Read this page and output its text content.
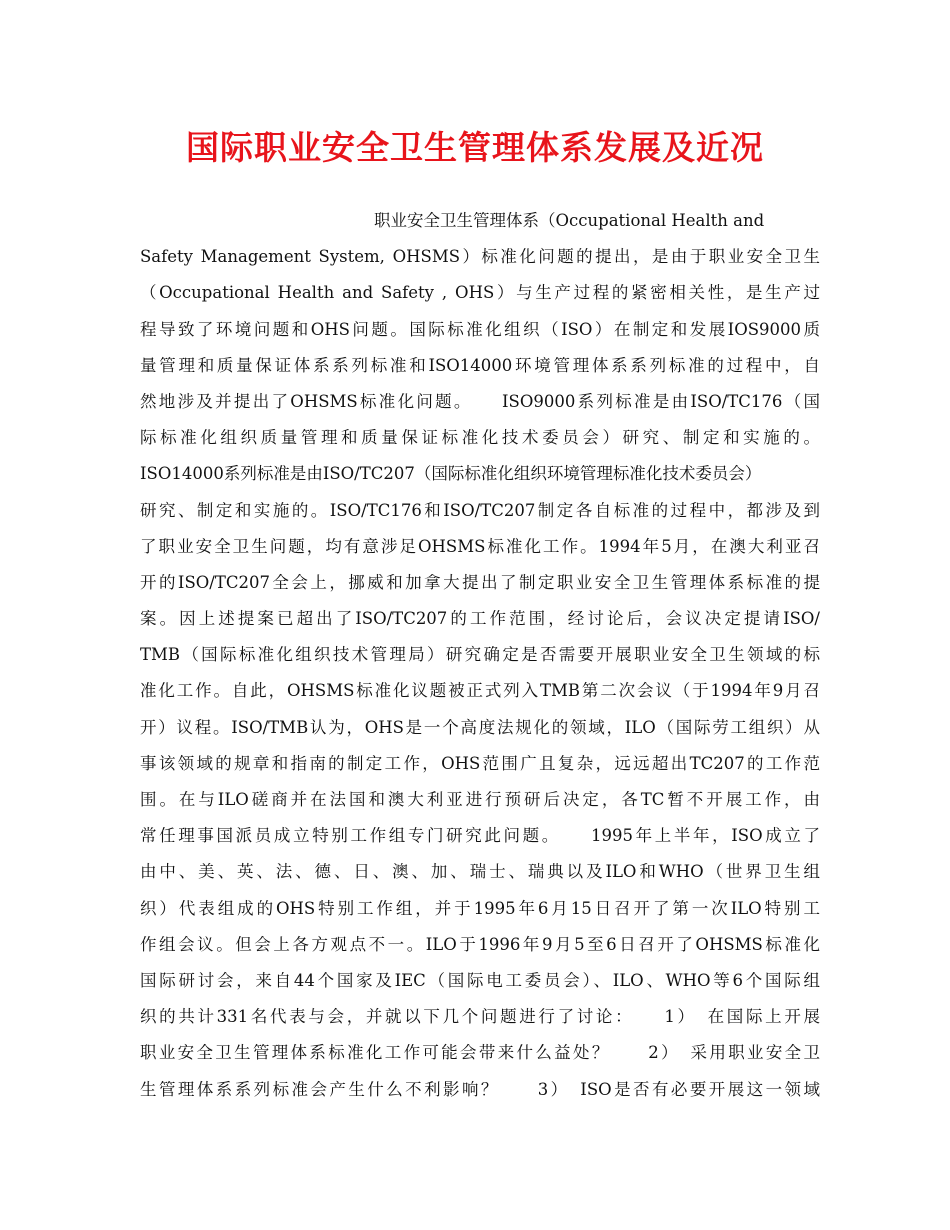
国际职业安全卫生管理体系发展及近况
职业安全卫生管理体系（Occupational Health and
Safety Management System, OHSMS）标准化问题的提出，是由于职业安全卫生
（Occupational Health and Safety , OHS）与生产过程的紧密相关性，是生产过
程导致了环境问题和OHS问题。国际标准化组织（ISO）在制定和发展IOS9000质
量管理和质量保证体系系列标准和ISO14000环境管理体系系列标准的过程中，自
然地涉及并提出了OHSMS标准化问题。　　ISO9000系列标准是由ISO/TC176（国
际标准化组织质量管理和质量保证标准化技术委员会）研究、制定和实施的。
ISO14000系列标准是由ISO/TC207（国际标准化组织环境管理标准化技术委员会）
研究、制定和实施的。ISO/TC176和ISO/TC207制定各自标准的过程中，都涉及到
了职业安全卫生问题，均有意涉足OHSMS标准化工作。1994年5月，在澳大利亚召
开的ISO/TC207全会上，挪威和加拿大提出了制定职业安全卫生管理体系标准的提
案。因上述提案已超出了ISO/TC207的工作范围，经讨论后，会议决定提请ISO/
TMB（国际标准化组织技术管理局）研究确定是否需要开展职业安全卫生领域的标
准化工作。自此，OHSMS标准化议题被正式列入TMB第二次会议（于1994年9月召
开）议程。ISO/TMB认为，OHS是一个高度法规化的领域，ILO（国际劳工组织）从
事该领域的规章和指南的制定工作，OHS范围广且复杂，远远超出TC207的工作范
围。在与ILO磋商并在法国和澳大利亚进行预研后决定，各TC暂不开展工作，由
常任理事国派员成立特别工作组专门研究此问题。　　1995年上半年，ISO成立了
由中、美、英、法、德、日、澳、加、瑞士、瑞典以及ILO和WHO（世界卫生组
织）代表组成的OHS特别工作组，并于1995年6月15日召开了第一次ILO特别工
作组会议。但会上各方观点不一。ILO于1996年9月5至6日召开了OHSMS标准化
国际研讨会，来自44个国家及IEC（国际电工委员会）、ILO、WHO等6个国际组
织的共计331名代表与会，并就以下几个问题进行了讨论：　　1）　在国际上开展
职业安全卫生管理体系标准化工作可能会带来什么益处？　　2）　采用职业安全卫
生管理体系系列标准会产生什么不利影响？　　3）　ISO是否有必要开展这一领域
